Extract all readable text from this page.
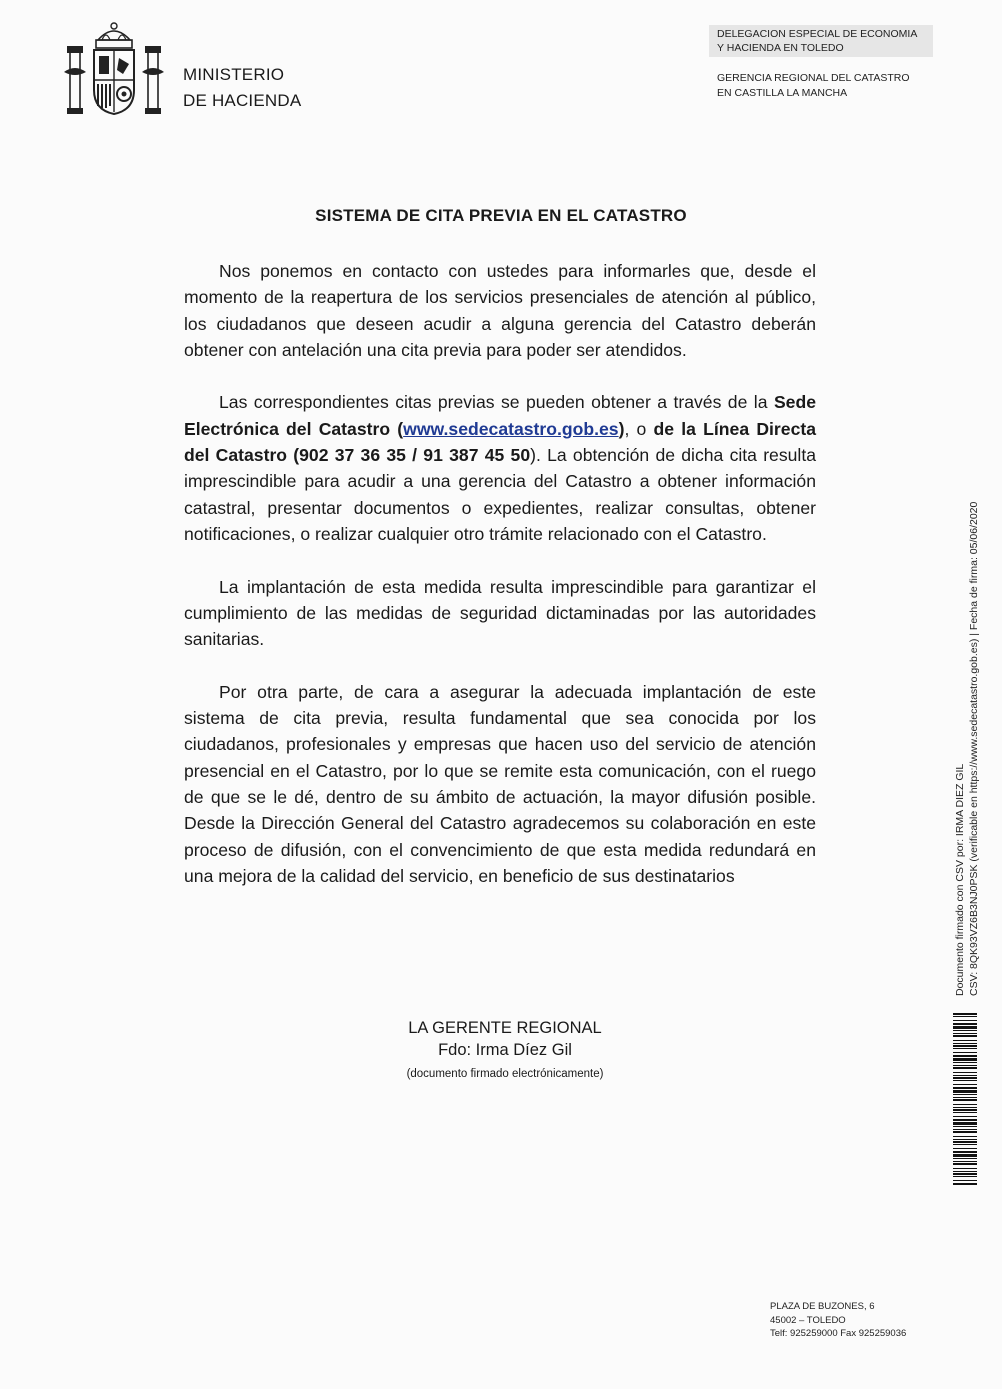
MINISTERIO
DE HACIENDA
DELEGACION ESPECIAL DE ECONOMIA
Y HACIENDA EN TOLEDO
GERENCIA REGIONAL DEL CATASTRO
EN CASTILLA LA MANCHA
SISTEMA DE CITA PREVIA EN EL CATASTRO

Nos ponemos en contacto con ustedes para informarles que, desde el momento de la reapertura de los servicios presenciales de atención al público, los ciudadanos que deseen acudir a alguna gerencia del Catastro deberán obtener con antelación una cita previa para poder ser atendidos.

Las correspondientes citas previas se pueden obtener a través de la Sede Electrónica del Catastro (www.sedecatastro.gob.es), o de la Línea Directa del Catastro (902 37 36 35 / 91 387 45 50). La obtención de dicha cita resulta imprescindible para acudir a una gerencia del Catastro a obtener información catastral, presentar documentos o expedientes, realizar consultas, obtener notificaciones, o realizar cualquier otro trámite relacionado con el Catastro.

La implantación de esta medida resulta imprescindible para garantizar el cumplimiento de las medidas de seguridad dictaminadas por las autoridades sanitarias.

Por otra parte, de cara a asegurar la adecuada implantación de este sistema de cita previa, resulta fundamental que sea conocida por los ciudadanos, profesionales y empresas que hacen uso del servicio de atención presencial en el Catastro, por lo que se remite esta comunicación, con el ruego de que se le dé, dentro de su ámbito de actuación, la mayor difusión posible. Desde la Dirección General del Catastro agradecemos su colaboración en este proceso de difusión, con el convencimiento de que esta medida redundará en una mejora de la calidad del servicio, en beneficio de sus destinatarios

LA GERENTE REGIONAL
Fdo: Irma Díez Gil
(documento firmado electrónicamente)
Documento firmado con CSV por: IRMA DIEZ GIL CSV: 8QK93VZ6B3NJ0PSK (verificable en https://www.sedecatastro.gob.es) | Fecha de firma: 05/06/2020
PLAZA DE BUZONES, 6
45002 – TOLEDO
Telf: 925259000 Fax 925259036
